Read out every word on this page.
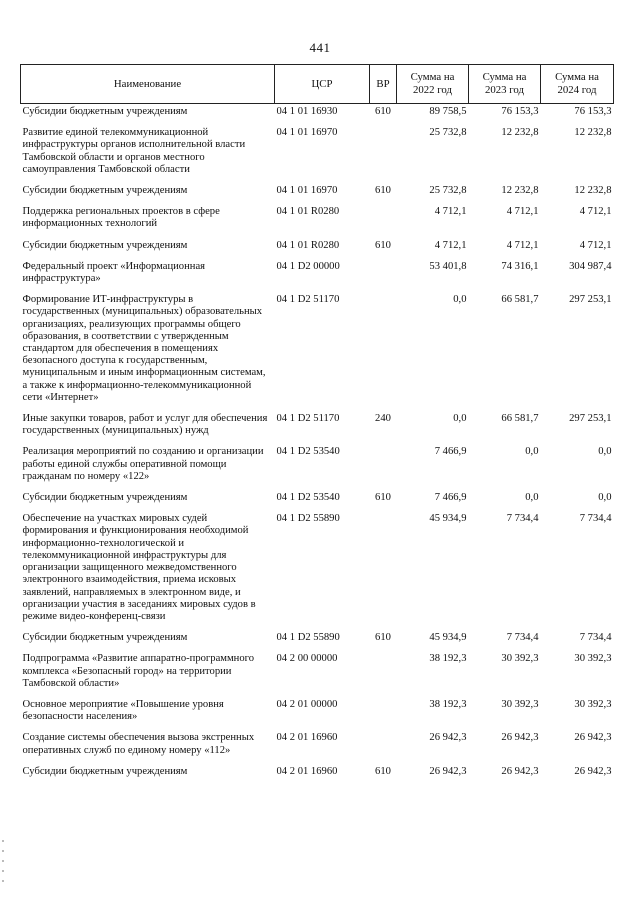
441
Наименование	ЦСР	ВР	Сумма на 2022 год	Сумма на 2023 год	Сумма на 2024 год
Субсидии бюджетным учреждениям	04 1 01 16930	610	89 758,5	76 153,3	76 153,3
Развитие единой телекоммуникационной инфраструктуры органов исполнительной власти Тамбовской области и органов местного самоуправления Тамбовской области	04 1 01 16970		25 732,8	12 232,8	12 232,8
Субсидии бюджетным учреждениям	04 1 01 16970	610	25 732,8	12 232,8	12 232,8
Поддержка региональных проектов в сфере информационных технологий	04 1 01 R0280		4 712,1	4 712,1	4 712,1
Субсидии бюджетным учреждениям	04 1 01 R0280	610	4 712,1	4 712,1	4 712,1
Федеральный проект «Информационная инфраструктура»	04 1 D2 00000		53 401,8	74 316,1	304 987,4
Формирование ИТ-инфраструктуры в государственных (муниципальных) образовательных организациях, реализующих программы общего образования, в соответствии с утвержденным стандартом для обеспечения в помещениях безопасного доступа к государственным, муниципальным и иным информационным системам, а также к информационно-телекоммуникационной сети «Интернет»	04 1 D2 51170		0,0	66 581,7	297 253,1
Иные закупки товаров, работ и услуг для обеспечения государственных (муниципальных) нужд	04 1 D2 51170	240	0,0	66 581,7	297 253,1
Реализация мероприятий по созданию и организации работы единой службы оперативной помощи гражданам по номеру «122»	04 1 D2 53540		7 466,9	0,0	0,0
Субсидии бюджетным учреждениям	04 1 D2 53540	610	7 466,9	0,0	0,0
Обеспечение на участках мировых судей формирования и функционирования необходимой информационно-технологической и телекоммуникационной инфраструктуры для организации защищенного межведомственного электронного взаимодействия, приема исковых заявлений, направляемых в электронном виде, и организации участия в заседаниях мировых судов в режиме видео-конференц-связи	04 1 D2 55890		45 934,9	7 734,4	7 734,4
Субсидии бюджетным учреждениям	04 1 D2 55890	610	45 934,9	7 734,4	7 734,4
Подпрограмма «Развитие аппаратно-программного комплекса «Безопасный город» на территории Тамбовской области»	04 2 00 00000		38 192,3	30 392,3	30 392,3
Основное мероприятие «Повышение уровня безопасности населения»	04 2 01 00000		38 192,3	30 392,3	30 392,3
Создание системы обеспечения вызова экстренных оперативных служб по единому номеру «112»	04 2 01 16960		26 942,3	26 942,3	26 942,3
Субсидии бюджетным учреждениям	04 2 01 16960	610	26 942,3	26 942,3	26 942,3
